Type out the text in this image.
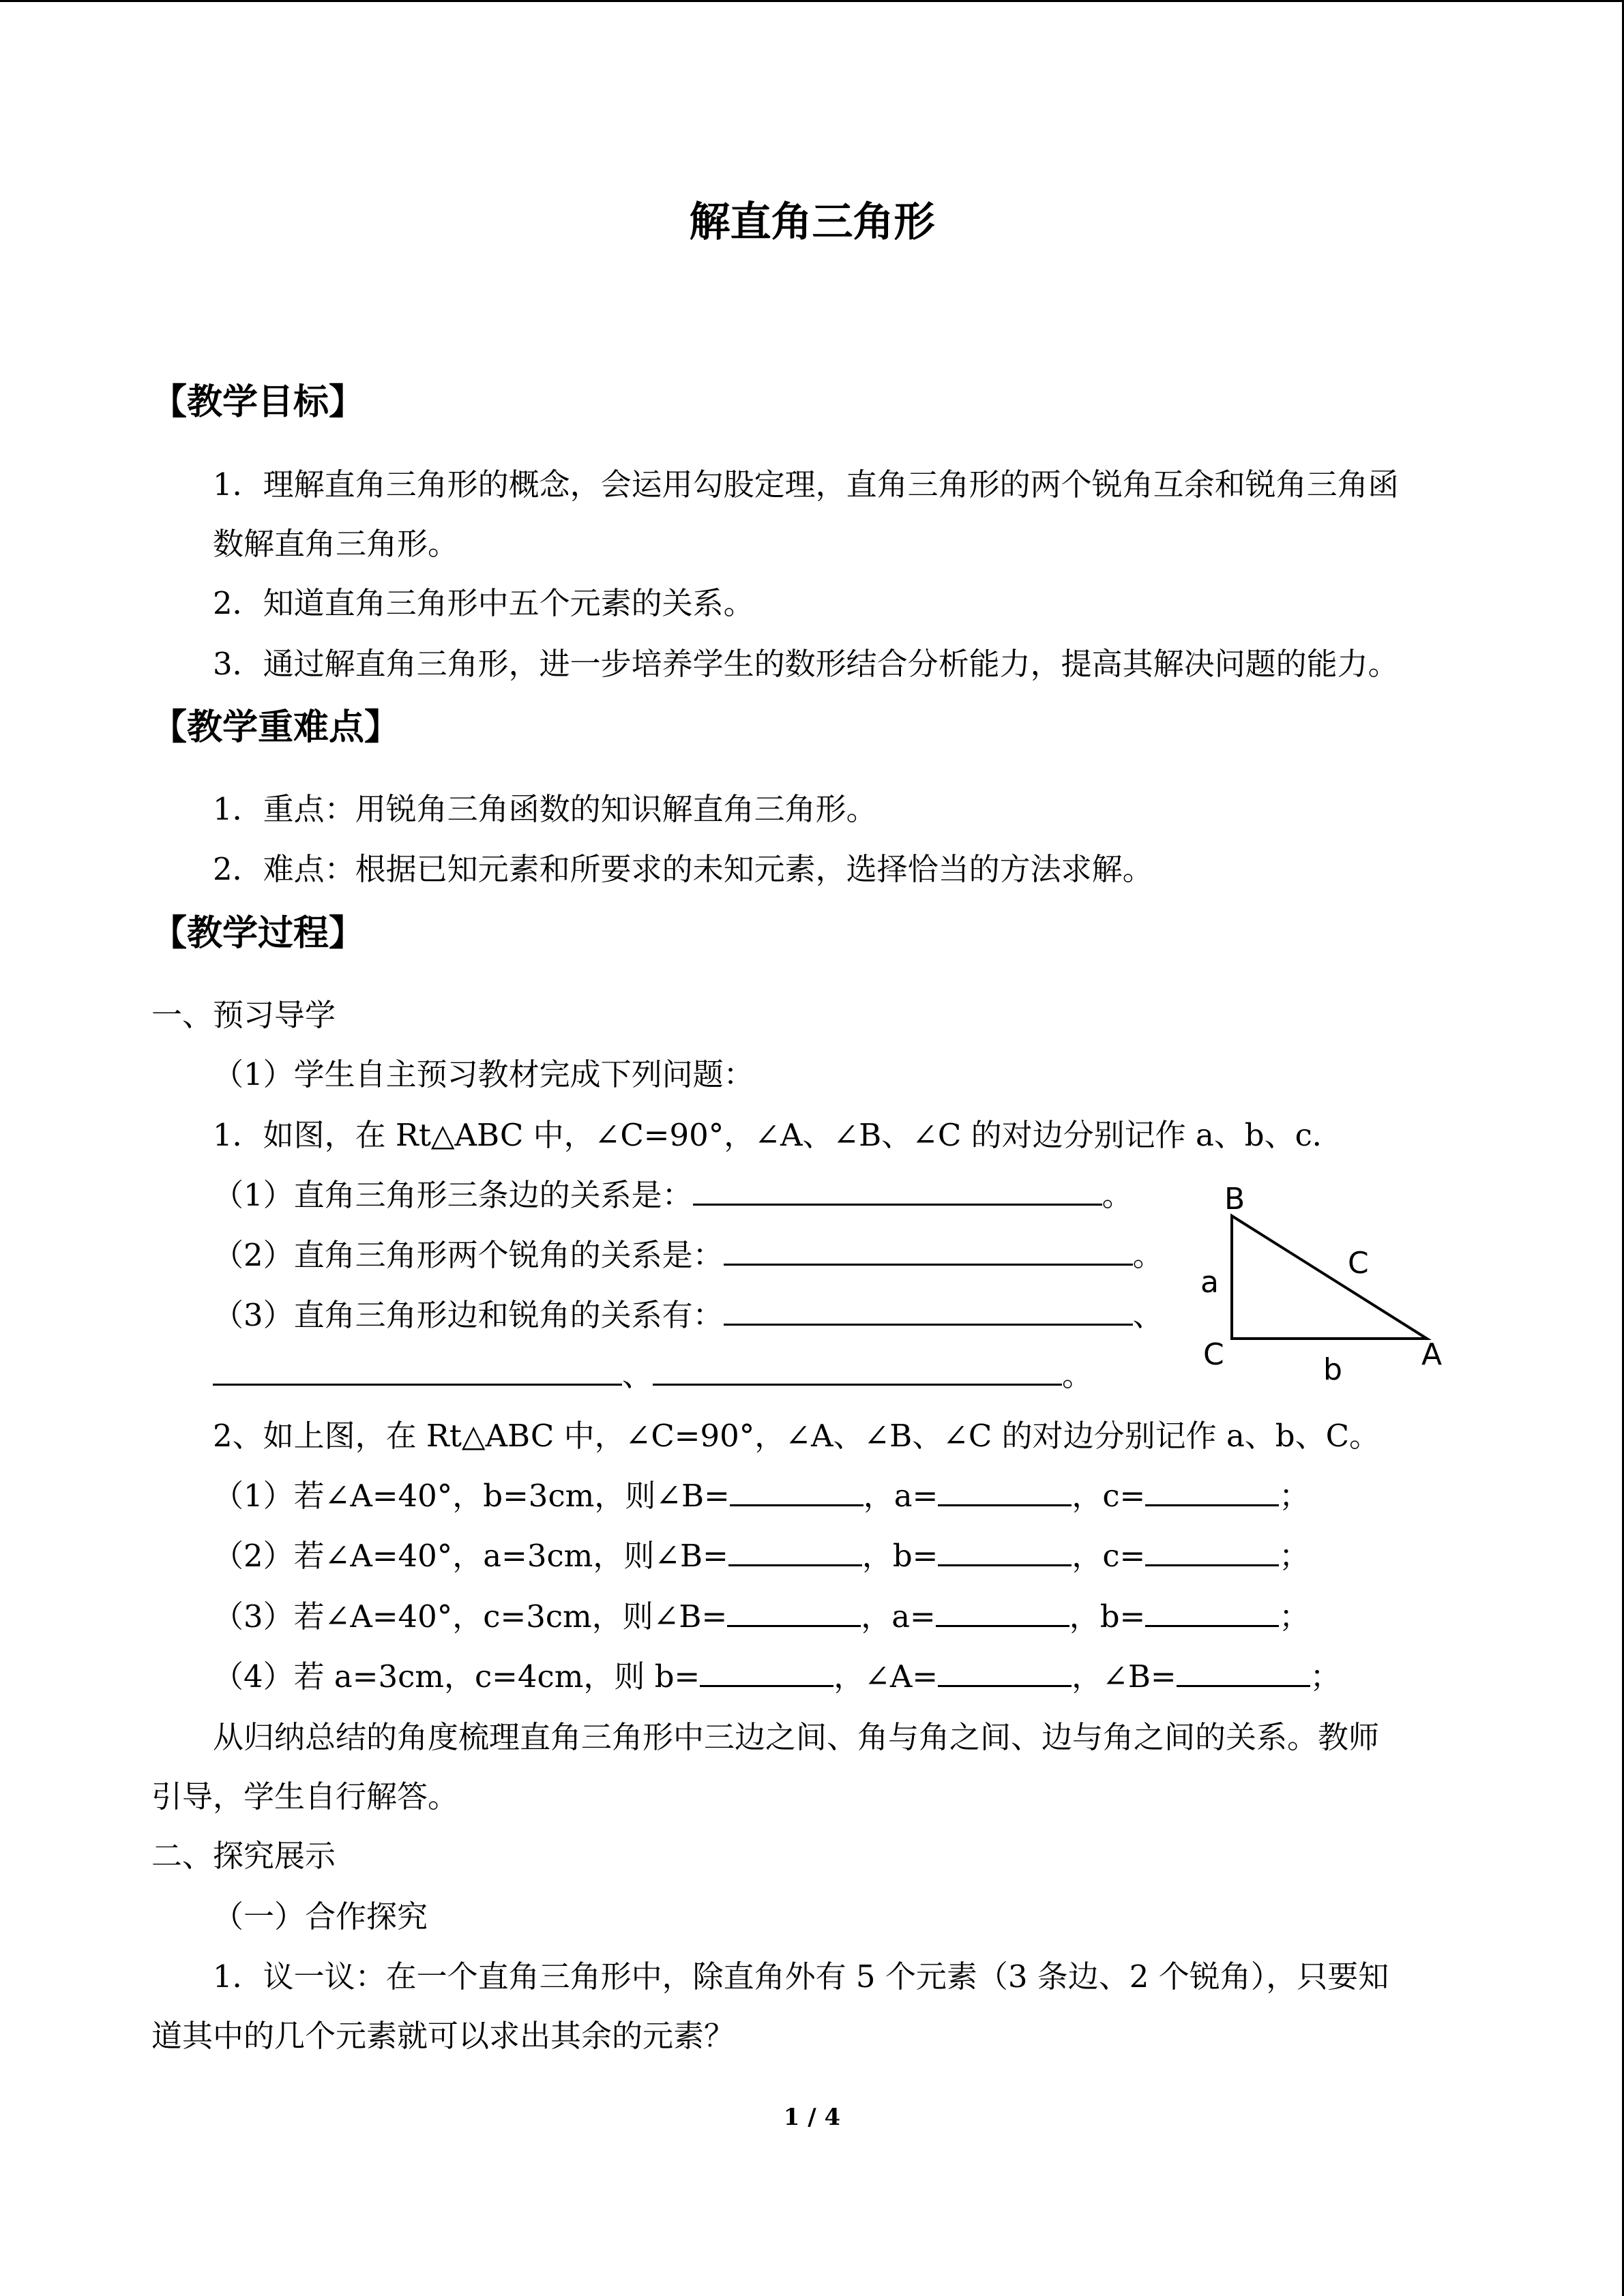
解直角三角形
【教学目标】
1．理解直角三角形的概念，会运用勾股定理，直角三角形的两个锐角互余和锐角三角函
数解直角三角形。
2．知道直角三角形中五个元素的关系。
3．通过解直角三角形，进一步培养学生的数形结合分析能力，提高其解决问题的能力。
【教学重难点】
1．重点：用锐角三角函数的知识解直角三角形。
2．难点：根据已知元素和所要求的未知元素，选择恰当的方法求解。
【教学过程】
一、预习导学
（1）学生自主预习教材完成下列问题：
1．如图，在 Rt△ABC 中，∠C=90°，∠A、∠B、∠C 的对边分别记作 a、b、c．
（1）直角三角形三条边的关系是：	。
（2）直角三角形两个锐角的关系是：	。
（3）直角三角形边和锐角的关系有：	、
、	。
B
C	A
a
b
C
2、如上图，在 Rt△ABC 中，∠C=90°，∠A、∠B、∠C 的对边分别记作 a、b、C。
（1）若∠A=40°，b=3cm，则∠B=	，a=	，c=	；
（2）若∠A=40°，a=3cm，则∠B=	，b=	，c=	；
（3）若∠A=40°，c=3cm，则∠B=	，a=	，b=	；
（4）若 a=3cm，c=4cm，则 b=	，∠A=	，∠B=	；
从归纳总结的角度梳理直角三角形中三边之间、角与角之间、边与角之间的关系。教师
引导，学生自行解答。
二、探究展示
（一）合作探究
1．议一议：在一个直角三角形中，除直角外有 5 个元素（3 条边、2 个锐角），只要知
道其中的几个元素就可以求出其余的元素？
1 / 4
